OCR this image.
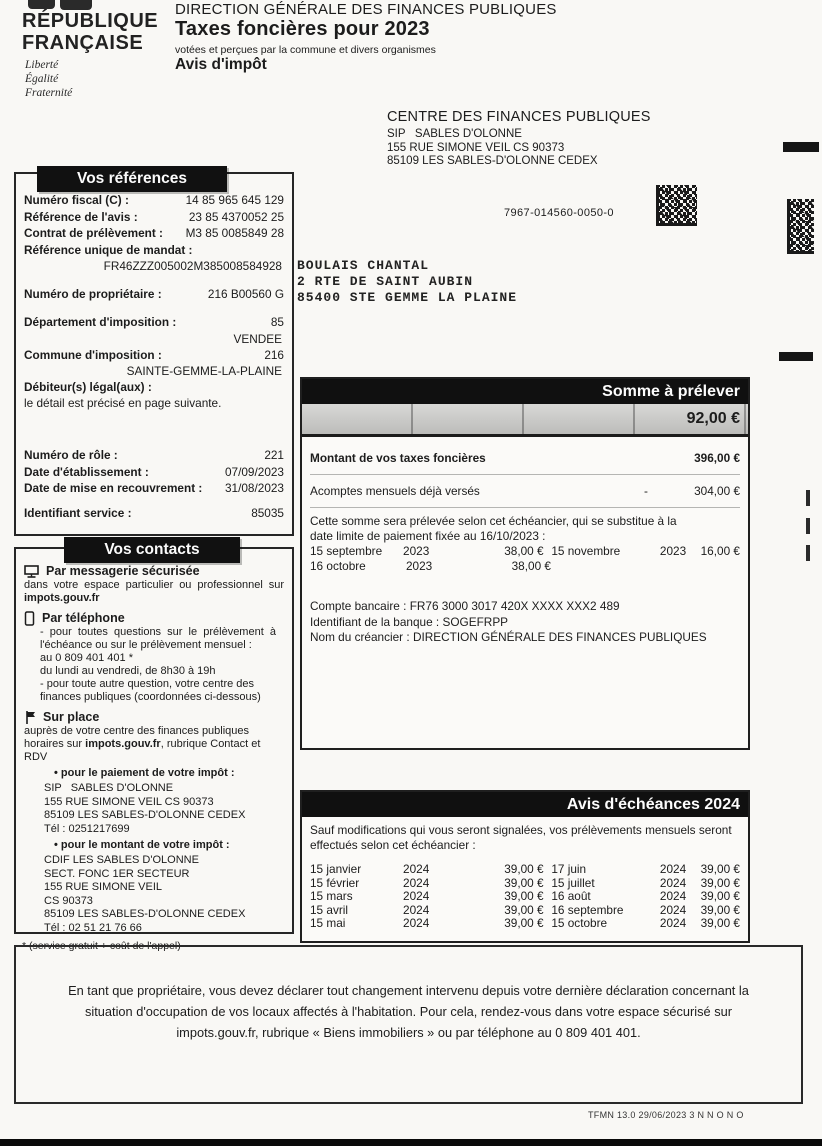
RÉPUBLIQUE
FRANÇAISE
Liberté
Égalité
Fraternité
DIRECTION GÉNÉRALE DES FINANCES PUBLIQUES
Taxes foncières pour 2023
votées et perçues par la commune et divers organismes
Avis d'impôt
CENTRE DES FINANCES PUBLIQUES
SIP   SABLES D'OLONNE
155 RUE SIMONE VEIL CS 90373
85109 LES SABLES-D'OLONNE CEDEX
7967-014560-0050-0
BOULAIS CHANTAL
2 RTE DE SAINT AUBIN
85400 STE GEMME LA PLAINE
Vos références
Numéro fiscal (C) :	14 85 965 645 129
Référence de l'avis :	23 85 4370052 25
Contrat de prélèvement : M3 85 0085849 28
Référence unique de mandat :
FR46ZZZ005002M385008584928
Numéro de propriétaire :	216 B00560 G
Département d'imposition :	85
VENDEE
Commune d'imposition :	216
SAINTE-GEMME-LA-PLAINE
Débiteur(s) légal(aux) :
le détail est précisé en page suivante.
Numéro de rôle :	221
Date d'établissement :	07/09/2023
Date de mise en recouvrement : 31/08/2023
Identifiant service :	85035
Vos contacts
Par messagerie sécurisée
dans votre espace particulier ou professionnel sur impots.gouv.fr
Par téléphone
- pour toutes questions sur le prélèvement à l'échéance ou sur le prélèvement mensuel :
au 0 809 401 401 *
du lundi au vendredi, de 8h30 à 19h
- pour toute autre question, votre centre des finances publiques (coordonnées ci-dessous)
Sur place
auprès de votre centre des finances publiques
horaires sur impots.gouv.fr, rubrique Contact et RDV
• pour le paiement de votre impôt :
SIP   SABLES D'OLONNE
155 RUE SIMONE VEIL CS 90373
85109 LES SABLES-D'OLONNE CEDEX
Tél : 0251217699
• pour le montant de votre impôt :
CDIF LES SABLES D'OLONNE
SECT. FONC 1ER SECTEUR
155 RUE SIMONE VEIL
CS 90373
85109 LES SABLES-D'OLONNE CEDEX
Tél : 02 51 21 76 66
* (service gratuit + coût de l'appel)
Somme à prélever
92,00 €
Montant de vos taxes foncières	396,00 €
Acomptes mensuels déjà versés	-	304,00 €
Cette somme sera prélevée selon cet échéancier, qui se substitue à la date limite de paiement fixée au 16/10/2023 :
15 septembre	2023	38,00 € 15 novembre	2023	16,00 €
16 octobre	2023	38,00 €
Compte bancaire : FR76 3000 3017 420X XXXX XXX2 489
Identifiant de la banque : SOGEFRPP
Nom du créancier : DIRECTION GÉNÉRALE DES FINANCES PUBLIQUES
Avis d'échéances 2024
Sauf modifications qui vous seront signalées, vos prélèvements mensuels seront effectués selon cet échéancier :
15 janvier	2024	39,00 € 17 juin	2024	39,00 €
15 février	2024	39,00 € 15 juillet	2024	39,00 €
15 mars	2024	39,00 € 16 août	2024	39,00 €
15 avril	2024	39,00 € 16 septembre	2024	39,00 €
15 mai	2024	39,00 € 15 octobre	2024	39,00 €

En tant que propriétaire, vous devez déclarer tout changement intervenu depuis votre dernière déclaration concernant la situation d'occupation de vos locaux affectés à l'habitation. Pour cela, rendez-vous dans votre espace sécurisé sur impots.gouv.fr, rubrique « Biens immobiliers » ou par téléphone au 0 809 401 401.

TFMN 13.0 29/06/2023 3 N N O N O
